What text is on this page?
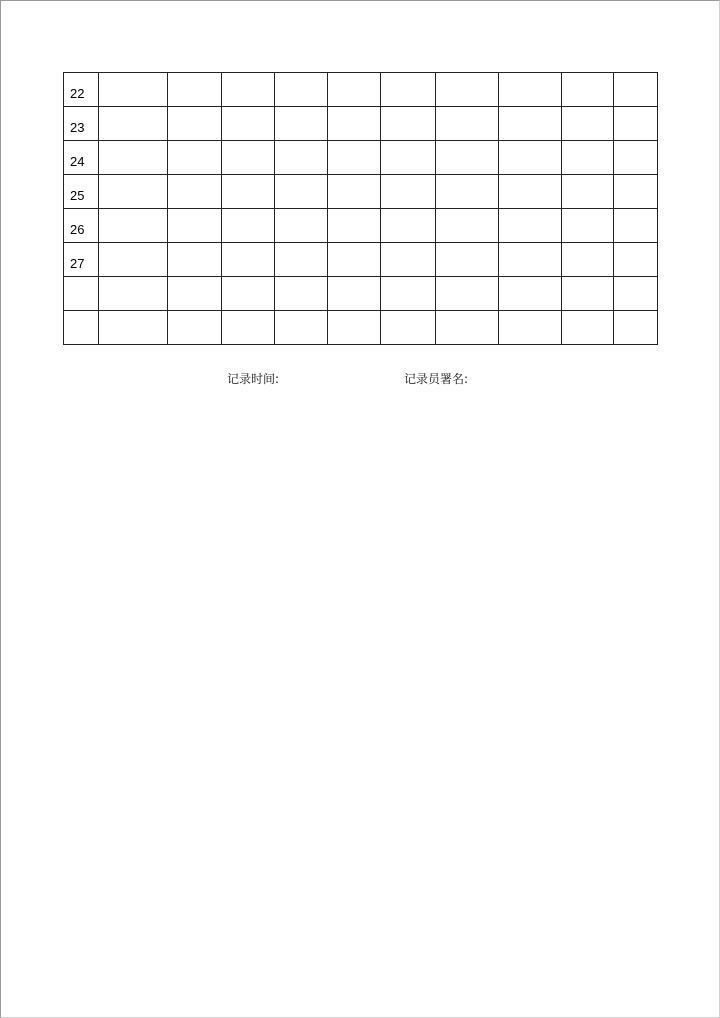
22										
23										
24										
25										
26										
27										

记录时间:	记录员署名:
